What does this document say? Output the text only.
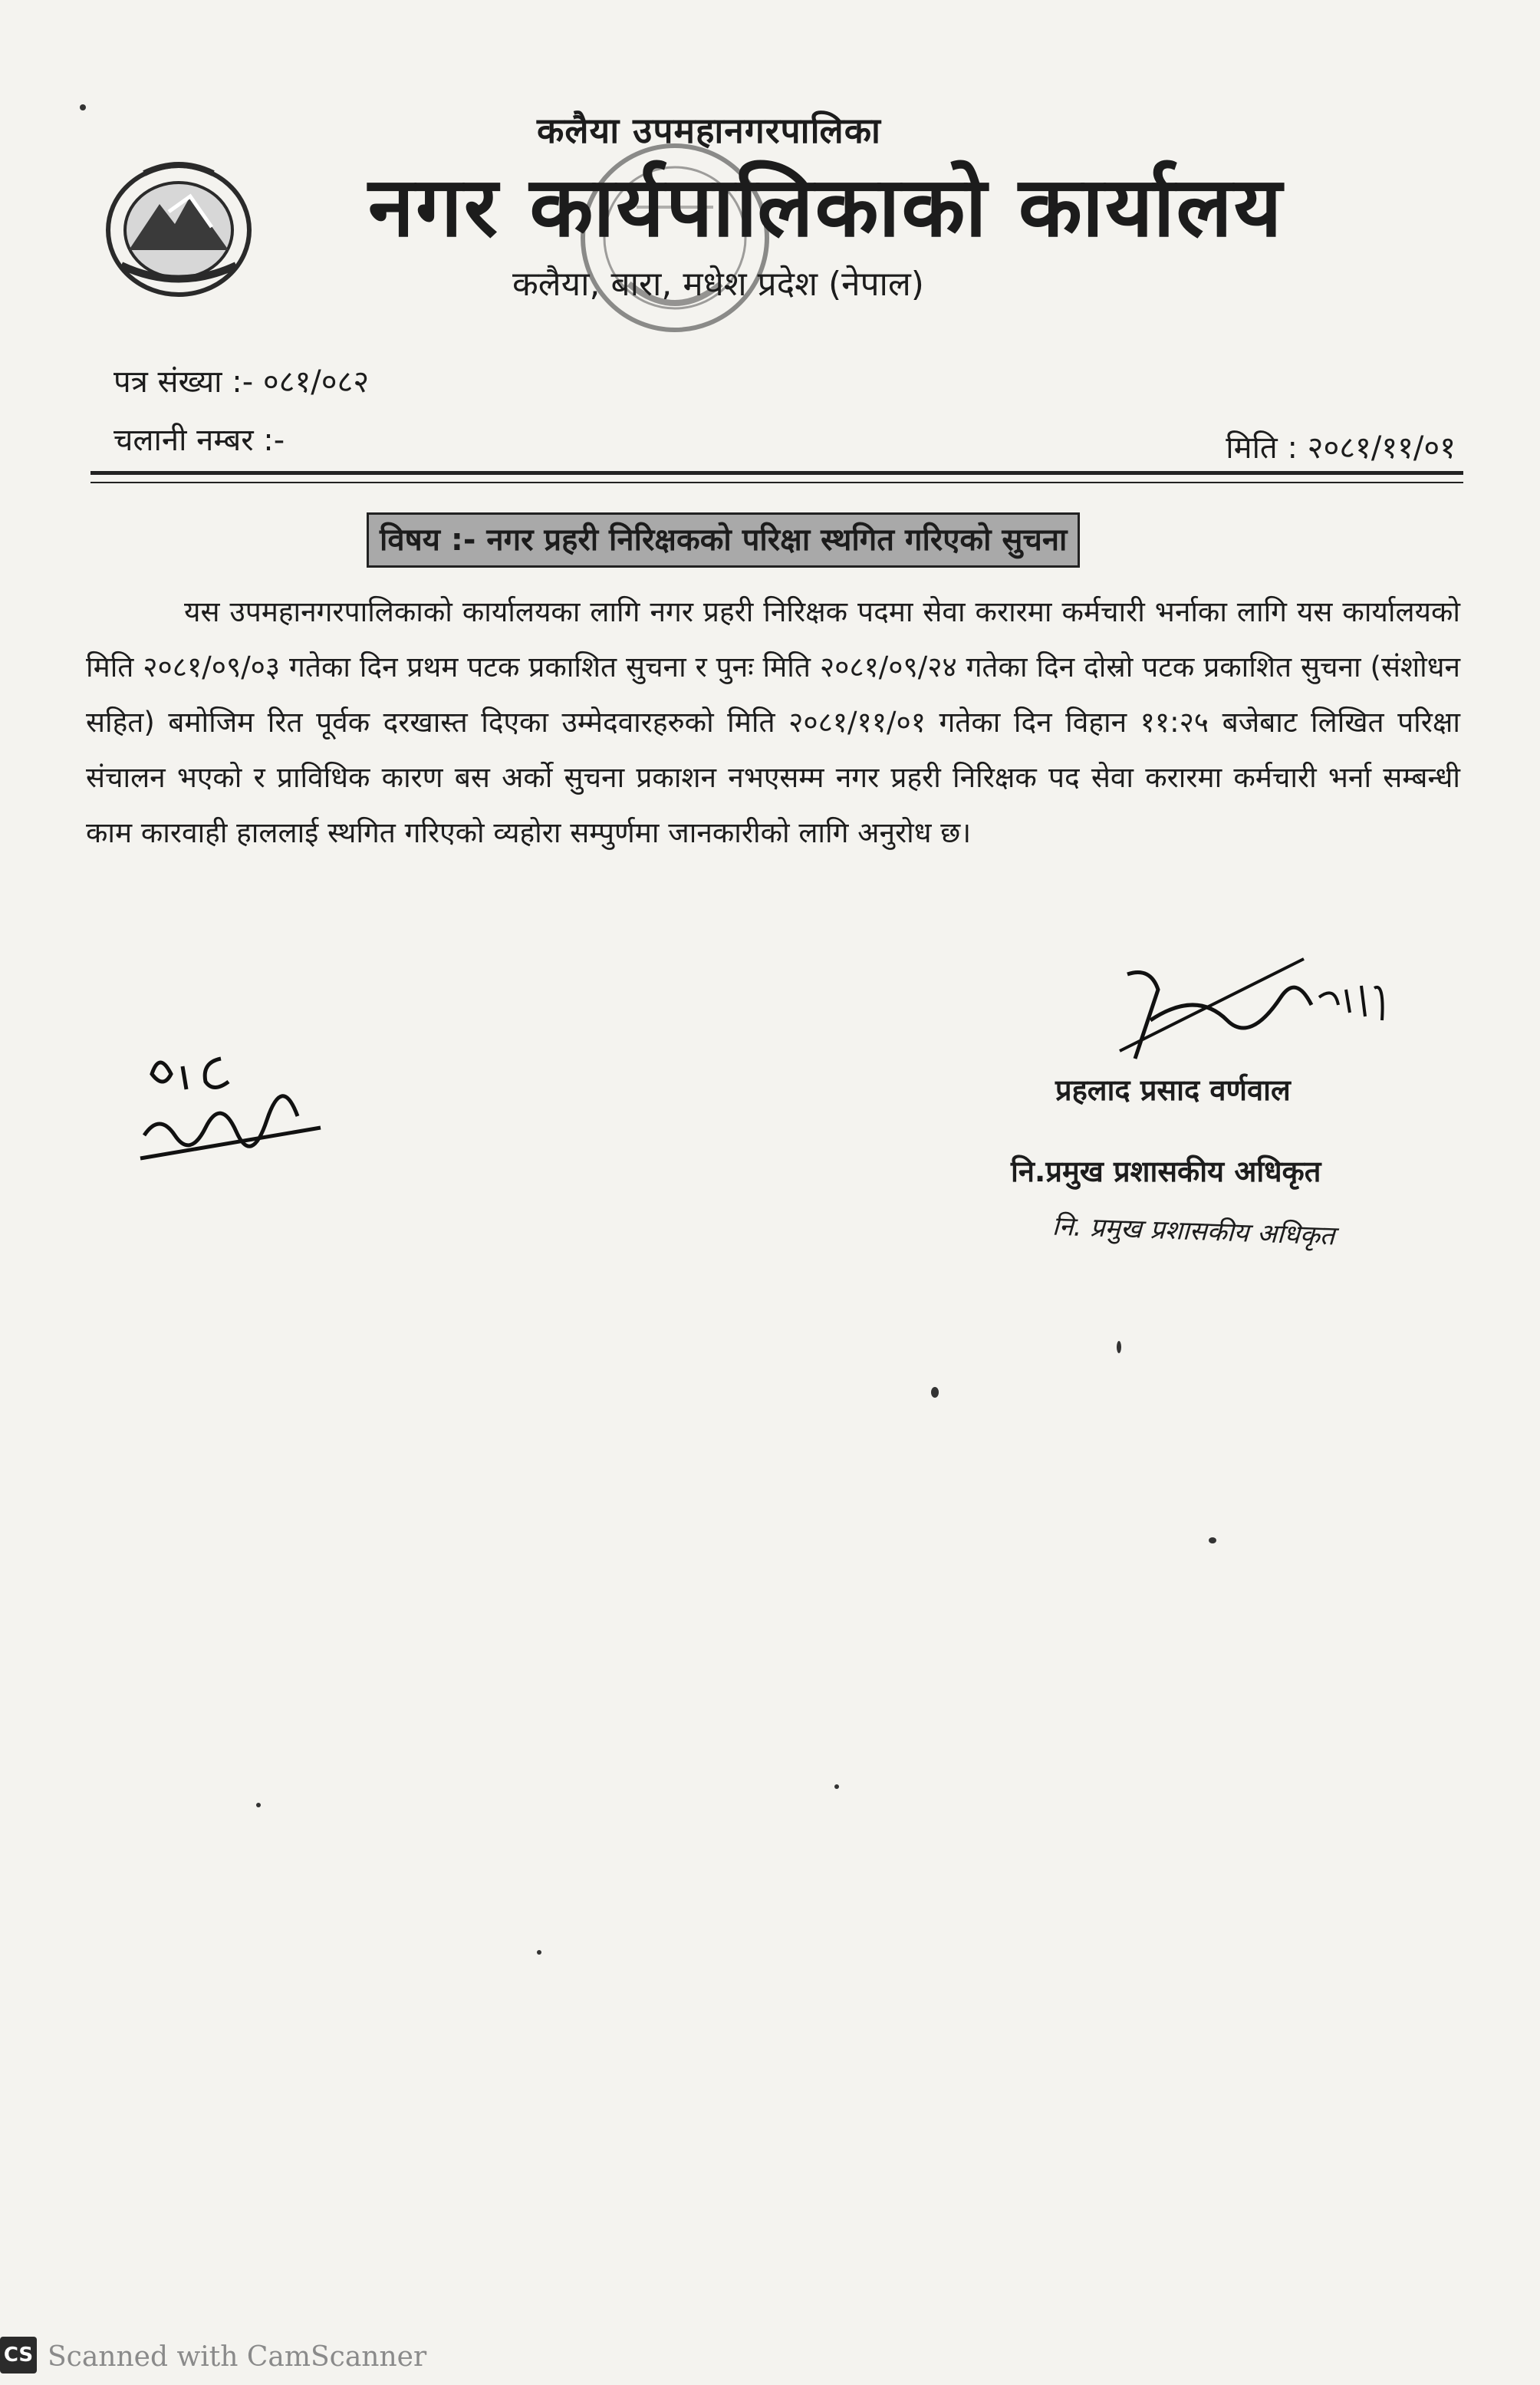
कलैया उपमहानगरपालिका
नगर कार्यपालिकाको कार्यालय
कलैया, बारा, मधेश प्रदेश (नेपाल)
पत्र संख्या :- ०८१/०८२
चलानी नम्बर :-	मिति : २०८१/११/०१
विषय :- नगर प्रहरी निरिक्षकको परिक्षा स्थगित गरिएको सुचना
यस उपमहानगरपालिकाको कार्यालयका लागि नगर प्रहरी निरिक्षक पदमा सेवा करारमा कर्मचारी भर्नाका लागि यस कार्यालयको मिति २०८१/०९/०३ गतेका दिन प्रथम पटक प्रकाशित सुचना र पुनः मिति २०८१/०९/२४ गतेका दिन दोस्रो पटक प्रकाशित सुचना (संशोधन सहित) बमोजिम रित पूर्वक दरखास्त दिएका उम्मेदवारहरुको मिति २०८१/११/०१ गतेका दिन विहान ११:२५ बजेबाट लिखित परिक्षा संचालन भएको र प्राविधिक कारण बस अर्को सुचना प्रकाशन नभएसम्म नगर प्रहरी निरिक्षक पद सेवा करारमा कर्मचारी भर्ना सम्बन्धी काम कारवाही हाललाई स्थगित गरिएको व्यहोरा सम्पुर्णमा जानकारीको लागि अनुरोध छ।
प्रहलाद प्रसाद वर्णवाल
नि.प्रमुख प्रशासकीय अधिकृत
नि. प्रमुख प्रशासकीय अधिकृत
CS Scanned with CamScanner
